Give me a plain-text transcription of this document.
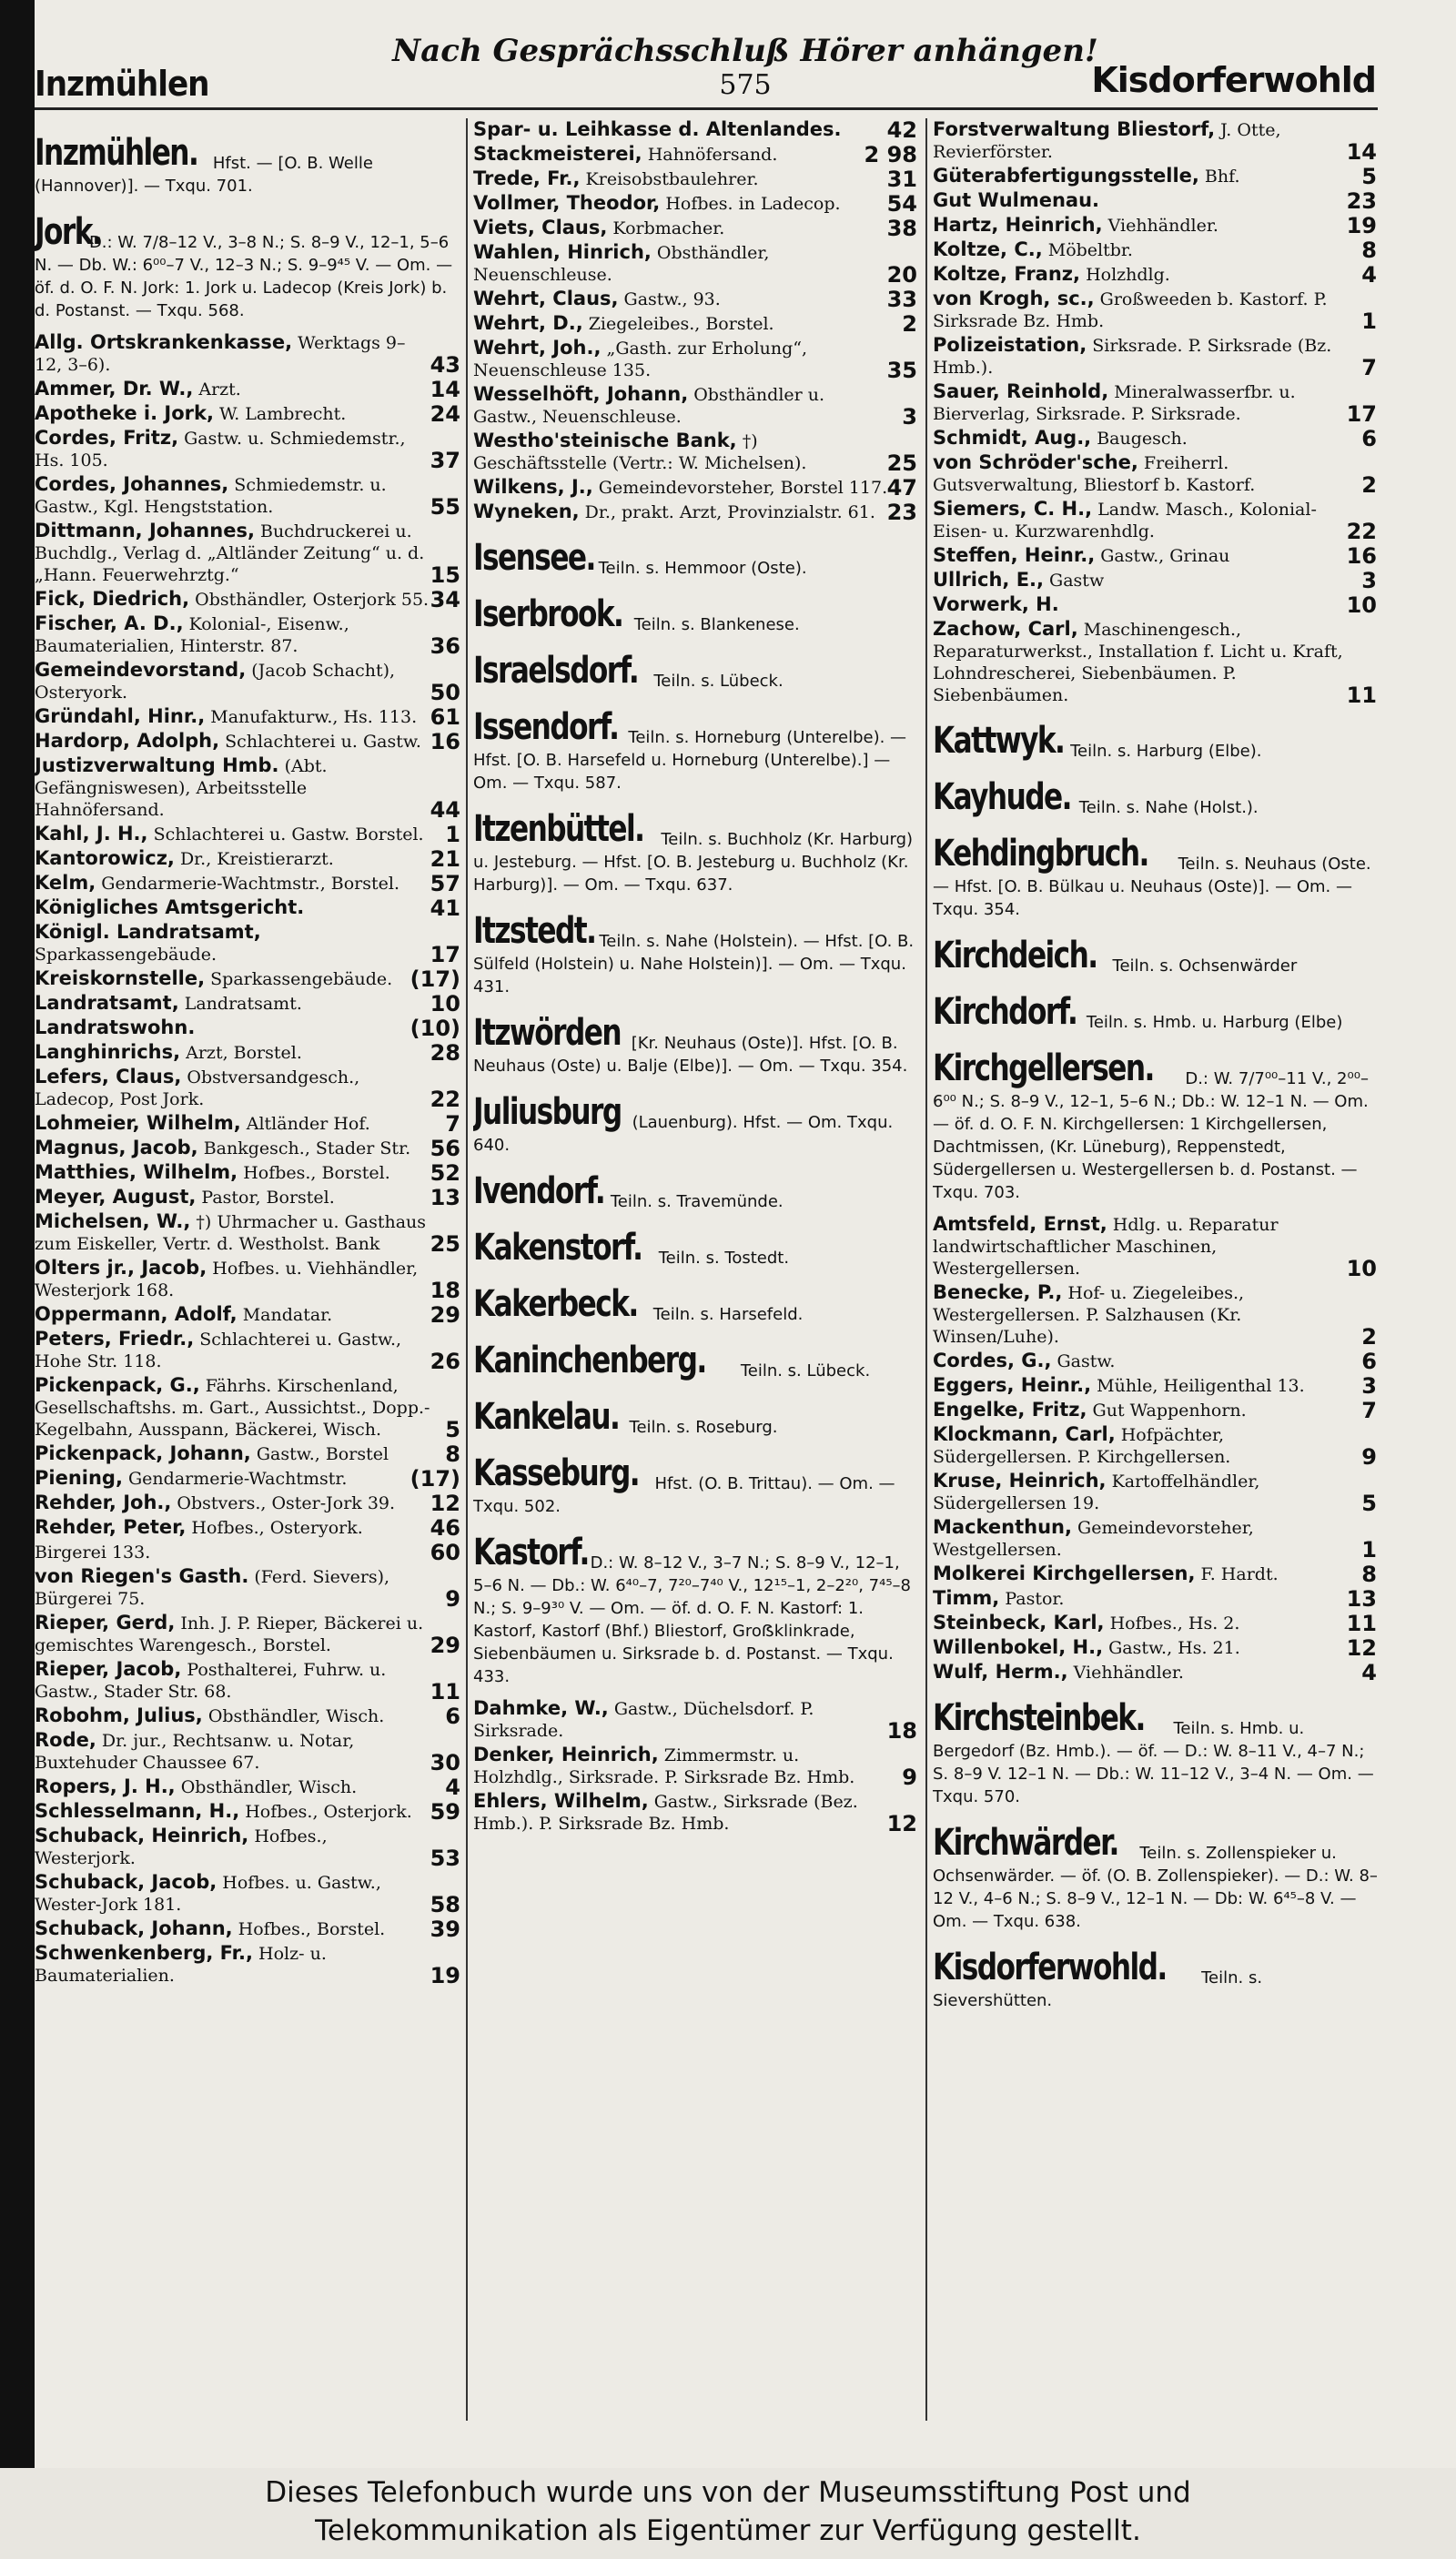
Inzmühlen
Nach Gesprächsschluß Hörer anhängen!
575	Kisdorferwohld
Inzmühlen. Hfst. — [O. B. Welle (Hannover)]. — Txqu. 701.
Jork. D.: W. 7/8–12 V., 3–8 N.; S. 8–9 V., 12–1, 5–6 N. — Db. W.: 6⁰⁰–7 V., 12–3 N.; S. 9–9⁴⁵ V. — Om. — öf. d. O. F. N. Jork: 1. Jork u. Ladecop (Kreis Jork) b. d. Postanst. — Txqu. 568.
Allg. Ortskrankenkasse, Werktags 9–12, 3–6).	43
Ammer, Dr. W., Arzt.	14
Apotheke i. Jork, W. Lambrecht.	24
Cordes, Fritz, Gastw. u. Schmiedemstr., Hs. 105.	37
Cordes, Johannes, Schmiedemstr. u. Gastw., Kgl. Hengststation.	55
Dittmann, Johannes, Buchdruckerei u. Buchdlg., Verlag d. „Altländer Zeitung“ u. d. „Hann. Feuerwehrztg.“	15
Fick, Diedrich, Obsthändler, Osterjork 55. 34
Fischer, A. D., Kolonial-, Eisenw., Baumaterialien, Hinterstr. 87.	36
Gemeindevorstand, (Jacob Schacht), Osteryork.	50
Gründahl, Hinr., Manufakturw., Hs. 113. 61
Hardorp, Adolph, Schlachterei u. Gastw. 16
Justizverwaltung Hmb. (Abt. Gefängniswesen), Arbeitsstelle Hahnöfersand.	44
Kahl, J. H., Schlachterei u. Gastw. Borstel. 1
Kantorowicz, Dr., Kreistierarzt.	21
Kelm, Gendarmerie-Wachtmstr., Borstel. 57
Königliches Amtsgericht.	41
Königl. Landratsamt, Sparkassengebäude.	17
Kreiskornstelle, Sparkassengebäude. (17)
Landratsamt, Landratsamt.	10
Landratswohn.	(10)
Langhinrichs, Arzt, Borstel.	28
Lefers, Claus, Obstversandgesch., Ladecop, Post Jork.	22
Lohmeier, Wilhelm, Altländer Hof.	7
Magnus, Jacob, Bankgesch., Stader Str. 56
Matthies, Wilhelm, Hofbes., Borstel. 52
Meyer, August, Pastor, Borstel.	13
Michelsen, W., †) Uhrmacher u. Gasthaus zum Eiskeller, Vertr. d. Westholst. Bank 25
Olters jr., Jacob, Hofbes. u. Viehhändler, Westerjork 168.	18
Oppermann, Adolf, Mandatar.	29
Peters, Friedr., Schlachterei u. Gastw., Hohe Str. 118.	26
Pickenpack, G., Fährhs. Kirschenland, Gesellschaftshs. m. Gart., Aussichtst., Dopp.-Kegelbahn, Ausspann, Bäckerei, Wisch.	5
Pickenpack, Johann, Gastw., Borstel	8
Piening, Gendarmerie-Wachtmstr.	(17)
Rehder, Joh., Obstvers., Oster-Jork 39. 12
Rehder, Peter, Hofbes., Osteryork.	46
Birgerei 133.	60
von Riegen's Gasth. (Ferd. Sievers), Bürgerei 75.	9
Rieper, Gerd, Inh. J. P. Rieper, Bäckerei u. gemischtes Warengesch., Borstel.	29
Rieper, Jacob, Posthalterei, Fuhrw. u. Gastw., Stader Str. 68.	11
Robohm, Julius, Obsthändler, Wisch.	6
Rode, Dr. jur., Rechtsanw. u. Notar, Buxtehuder Chaussee 67.	30
Ropers, J. H., Obsthändler, Wisch.	4
Schlesselmann, H., Hofbes., Osterjork. 59
Schuback, Heinrich, Hofbes., Westerjork.	53
Schuback, Jacob, Hofbes. u. Gastw., Wester-Jork 181.	58
Schuback, Johann, Hofbes., Borstel. 39
Schwenkenberg, Fr., Holz- u. Baumaterialien.	19
Spar- u. Leihkasse d. Altenlandes. 42
Stackmeisterei, Hahnöfersand.	2 98
Trede, Fr., Kreisobstbaulehrer.	31
Vollmer, Theodor, Hofbes. in Ladecop. 54
Viets, Claus, Korbmacher.	38
Wahlen, Hinrich, Obsthändler, Neuenschleuse.	20
Wehrt, Claus, Gastw., 93.	33
Wehrt, D., Ziegeleibes., Borstel.	2
Wehrt, Joh., „Gasth. zur Erholung“, Neuenschleuse 135.	35
Wesselhöft, Johann, Obsthändler u. Gastw., Neuenschleuse.	3
Westho'steinische Bank, †) Geschäftsstelle (Vertr.: W. Michelsen).	25
Wilkens, J., Gemeindevorsteher, Borstel 117. 47
Wyneken, Dr., prakt. Arzt, Provinzialstr. 61. 23
Isensee. Teiln. s. Hemmoor (Oste).
Iserbrook. Teiln. s. Blankenese.
Israelsdorf. Teiln. s. Lübeck.
Issendorf. Teiln. s. Horneburg (Unterelbe). — Hfst. [O. B. Harsefeld u. Horneburg (Unterelbe).] — Om. — Txqu. 587.
Itzenbüttel. Teiln. s. Buchholz (Kr. Harburg) u. Jesteburg. — Hfst. [O. B. Jesteburg u. Buchholz (Kr. Harburg)]. — Om. — Txqu. 637.
Itzstedt. Teiln. s. Nahe (Holstein). — Hfst. [O. B. Sülfeld (Holstein) u. Nahe Holstein)]. — Om. — Txqu. 431.
Itzwörden [Kr. Neuhaus (Oste)]. Hfst. [O. B. Neuhaus (Oste) u. Balje (Elbe)]. — Om. — Txqu. 354.
Juliusburg (Lauenburg). Hfst. — Om. Txqu. 640.
Ivendorf. Teiln. s. Travemünde.
Kakenstorf. Teiln. s. Tostedt.
Kakerbeck. Teiln. s. Harsefeld.
Kaninchenberg. Teiln. s. Lübeck.
Kankelau. Teiln. s. Roseburg.
Kasseburg. Hfst. (O. B. Trittau). — Om. — Txqu. 502.
Kastorf. D.: W. 8–12 V., 3–7 N.; S. 8–9 V., 12–1, 5–6 N. — Db.: W. 6⁴⁰–7, 7²⁰–7⁴⁰ V., 12¹⁵–1, 2–2²⁰, 7⁴⁵–8 N.; S. 9–9³⁰ V. — Om. — öf. d. O. F. N. Kastorf: 1. Kastorf, Kastorf (Bhf.) Bliestorf, Groẞklinkrade, Siebenbäumen u. Sirksrade b. d. Postanst. — Txqu. 433.
Dahmke, W., Gastw., Düchelsdorf. P. Sirksrade.	18
Denker, Heinrich, Zimmermstr. u. Holzhdlg., Sirksrade. P. Sirksrade Bz. Hmb. 9
Ehlers, Wilhelm, Gastw., Sirksrade (Bez. Hmb.). P. Sirksrade Bz. Hmb.	12
Forstverwaltung Bliestorf, J. Otte, Revierförster.	14
Güterabfertigungsstelle, Bhf.	5
Gut Wulmenau.	23
Hartz, Heinrich, Viehhändler.	19
Koltze, C., Möbeltbr.	8
Koltze, Franz, Holzhdlg.	4
von Krogh, sc., Großweeden b. Kastorf. P. Sirksrade Bz. Hmb.	1
Polizeistation, Sirksrade. P. Sirksrade (Bz. Hmb.).	7
Sauer, Reinhold, Mineralwasserfbr. u. Bierverlag, Sirksrade. P. Sirksrade.	17
Schmidt, Aug., Baugesch.	6
von Schröder'sche, Freiherrl. Gutsverwaltung, Bliestorf b. Kastorf.	2
Siemers, C. H., Landw. Masch., Kolonial- Eisen- u. Kurzwarenhdlg.	22
Steffen, Heinr., Gastw., Grinau	16
Ullrich, E., Gastw	3
Vorwerk, H.	10
Zachow, Carl, Maschinengesch., Reparaturwerkst., Installation f. Licht u. Kraft, Lohndrescherei, Siebenbäumen. P. Siebenbäumen.	11
Kattwyk. Teiln. s. Harburg (Elbe).
Kayhude. Teiln. s. Nahe (Holst.).
Kehdingbruch. Teiln. s. Neuhaus (Oste. — Hfst. [O. B. Bülkau u. Neuhaus (Oste)]. — Om. — Txqu. 354.
Kirchdeich. Teiln. s. Ochsenwärder
Kirchdorf. Teiln. s. Hmb. u. Harburg (Elbe)
Kirchgellersen. D.: W. 7/7⁰⁰–11 V., 2⁰⁰–6⁰⁰ N.; S. 8–9 V., 12–1, 5–6 N.; Db.: W. 12–1 N. — Om. — öf. d. O. F. N. Kirchgellersen: 1 Kirchgellersen, Dachtmissen, (Kr. Lüneburg), Reppenstedt, Südergellersen u. Westergellersen b. d. Postanst. — Txqu. 703.
Amtsfeld, Ernst, Hdlg. u. Reparatur landwirtschaftlicher Maschinen, Westergellersen.	10
Benecke, P., Hof- u. Ziegeleibes., Westergellersen. P. Salzhausen (Kr. Winsen/Luhe).	2
Cordes, G., Gastw.	6
Eggers, Heinr., Mühle, Heiligenthal 13.	3
Engelke, Fritz, Gut Wappenhorn.	7
Klockmann, Carl, Hofpächter, Südergellersen. P. Kirchgellersen.	9
Kruse, Heinrich, Kartoffelhändler, Südergellersen 19.	5
Mackenthun, Gemeindevorsteher, Westgellersen.	1
Molkerei Kirchgellersen, F. Hardt.	8
Timm, Pastor.	13
Steinbeck, Karl, Hofbes., Hs. 2.	11
Willenbokel, H., Gastw., Hs. 21.	12
Wulf, Herm., Viehhändler.	4
Kirchsteinbek. Teiln. s. Hmb. u. Bergedorf (Bz. Hmb.). — öf. — D.: W. 8–11 V., 4–7 N.; S. 8–9 V. 12–1 N. — Db.: W. 11–12 V., 3–4 N. — Om. — Txqu. 570.
Kirchwärder. Teiln. s. Zollenspieker u. Ochsenwärder. — öf. (O. B. Zollenspieker). — D.: W. 8–12 V., 4–6 N.; S. 8–9 V., 12–1 N. — Db: W. 6⁴⁵–8 V. — Om. — Txqu. 638.
Kisdorferwohld. Teiln. s. Sievershütten.
Dieses Telefonbuch wurde uns von der Museumsstiftung Post und
Telekommunikation als Eigentümer zur Verfügung gestellt.
